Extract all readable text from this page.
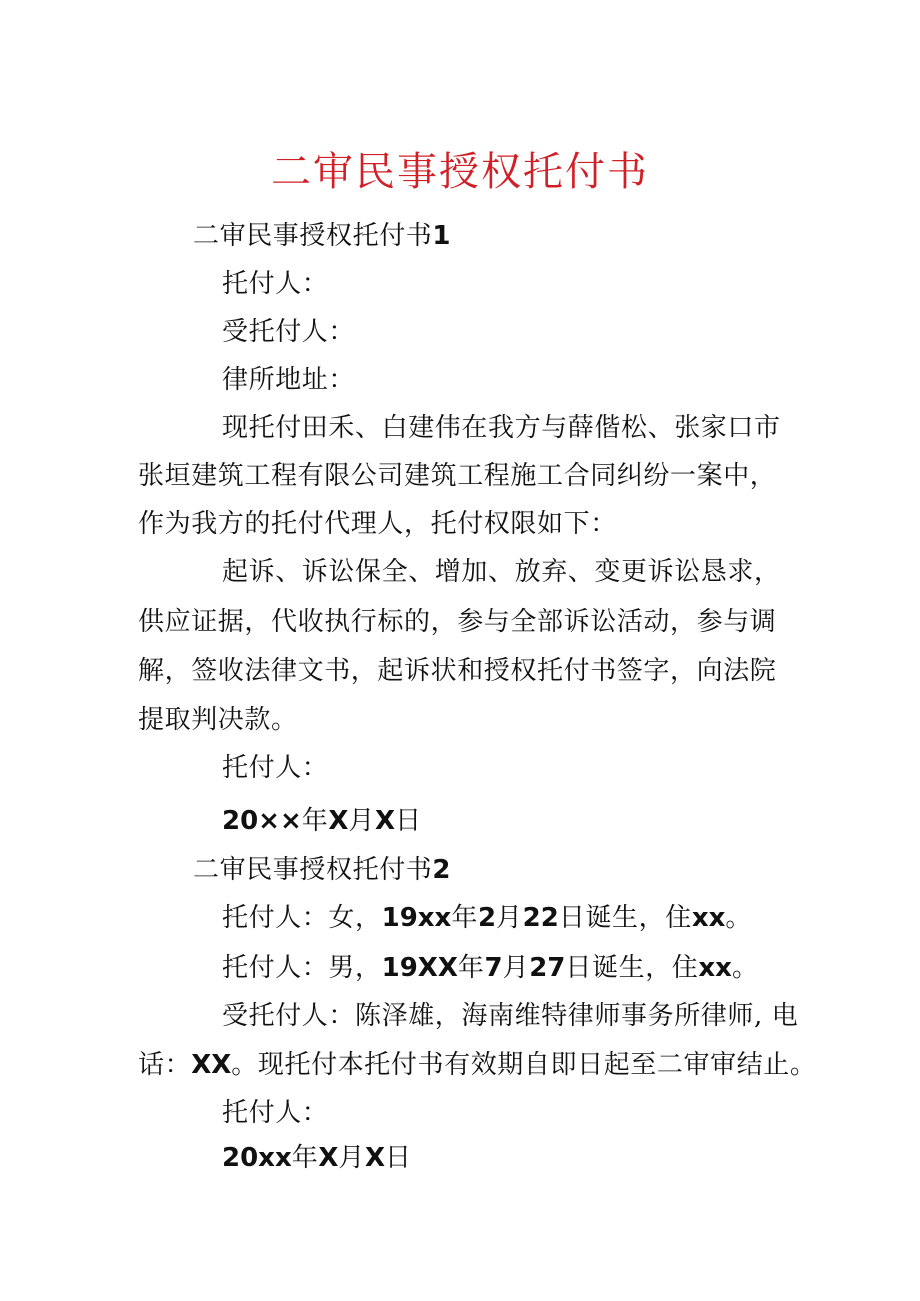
二审民事授权托付书
二审民事授权托付书1
托付人：
受托付人：
律所地址：
现托付田禾、白建伟在我方与薛偕松、张家口市
张垣建筑工程有限公司建筑工程施工合同纠纷一案中，
作为我方的托付代理人，托付权限如下：
起诉、诉讼保全、增加、放弃、变更诉讼恳求，
供应证据，代收执行标的，参与全部诉讼活动，参与调
解，签收法律文书，起诉状和授权托付书签字，向法院
提取判决款。
托付人：
20××年X月X日
二审民事授权托付书2
托付人：女，19xx年2月22日诞生，住xx。
托付人：男，19XX年7月27日诞生，住xx。
受托付人：陈泽雄，海南维特律师事务所律师, 电
话：XX。现托付本托付书有效期自即日起至二审审结止。
托付人：
20xx年X月X日
